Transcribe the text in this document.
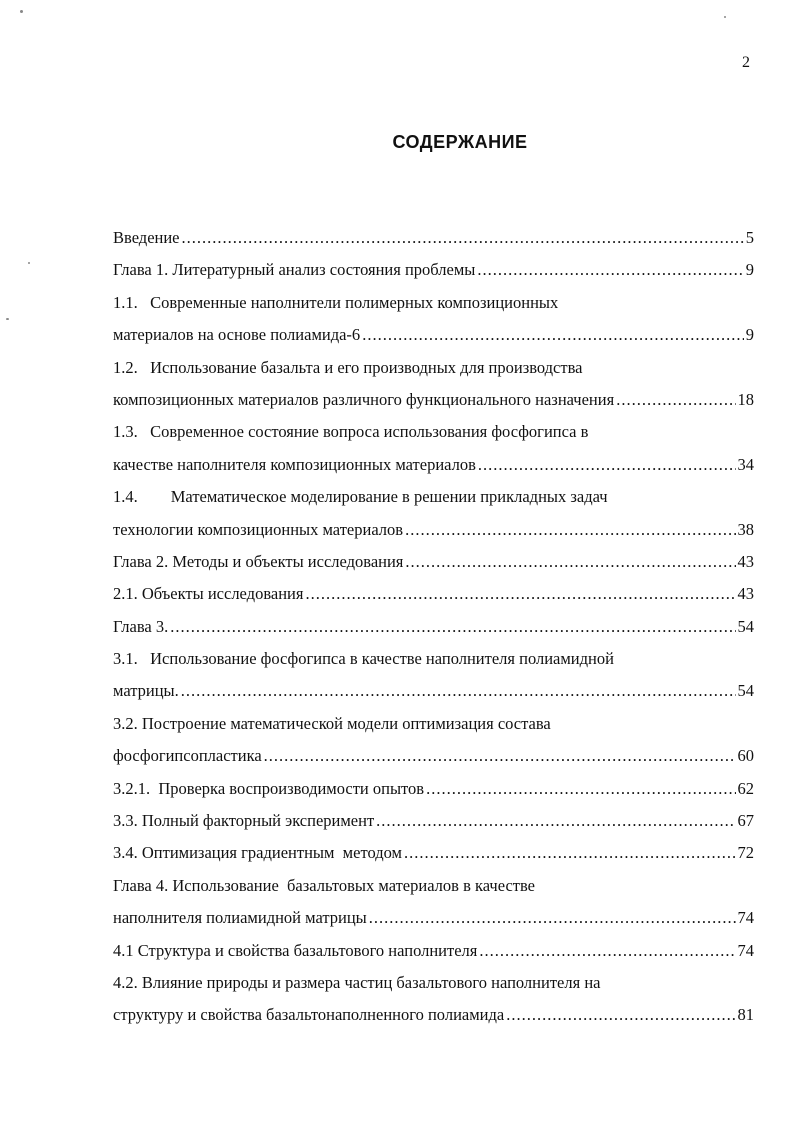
2
СОДЕРЖАНИЕ
Введение .....	5
Глава 1. Литературный анализ состояния проблемы .....	9
1.1.   Современные наполнители полимерных композиционных
материалов на основе полиамида-6 .....	9
1.2.   Использование базальта и его производных для производства
композиционных материалов различного функционального назначения .....	18
1.3.   Современное состояние вопроса использования фосфогипса в
качестве наполнителя композиционных материалов .....	34
1.4.        Математическое моделирование в решении прикладных задач
технологии композиционных материалов .....	38
Глава 2. Методы и объекты исследования .....	43
2.1. Объекты исследования .....	43
Глава 3. .....	54
3.1.   Использование фосфогипса в качестве наполнителя полиамидной
матрицы. .....	54
3.2. Построение математической модели оптимизация состава
фосфогипсопластика .....	60
3.2.1.  Проверка воспроизводимости опытов .....	62
3.3. Полный факторный эксперимент .....	67
3.4. Оптимизация градиентным  методом .....	72
Глава 4. Использование  базальтовых материалов в качестве
наполнителя полиамидной матрицы .....	74
4.1 Структура и свойства базальтового наполнителя .....	74
4.2. Влияние природы и размера частиц базальтового наполнителя на
структуру и свойства базальтонаполненного полиамида .....	81
